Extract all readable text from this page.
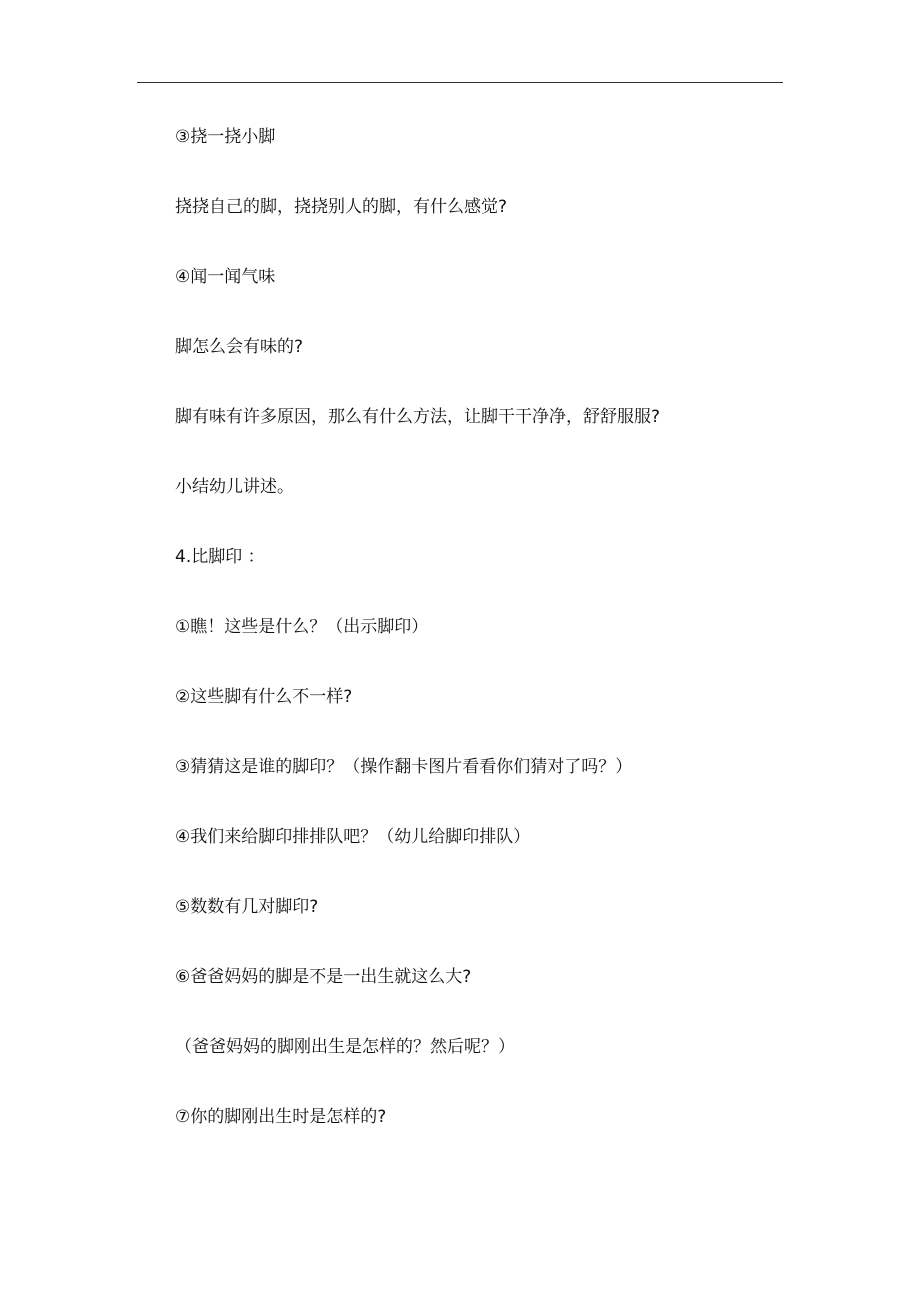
③挠一挠小脚

挠挠自己的脚，挠挠别人的脚，有什么感觉?

④闻一闻气味

脚怎么会有味的?

脚有味有许多原因，那么有什么方法，让脚干干净净，舒舒服服?

小结幼儿讲述。

4.比脚印 ：

①瞧！这些是什么？（出示脚印）

②这些脚有什么不一样?

③猜猜这是谁的脚印？（操作翻卡图片看看你们猜对了吗？）

④我们来给脚印排排队吧？（幼儿给脚印排队）

⑤数数有几对脚印?

⑥爸爸妈妈的脚是不是一出生就这么大?

（爸爸妈妈的脚刚出生是怎样的？然后呢？）

⑦你的脚刚出生时是怎样的?
